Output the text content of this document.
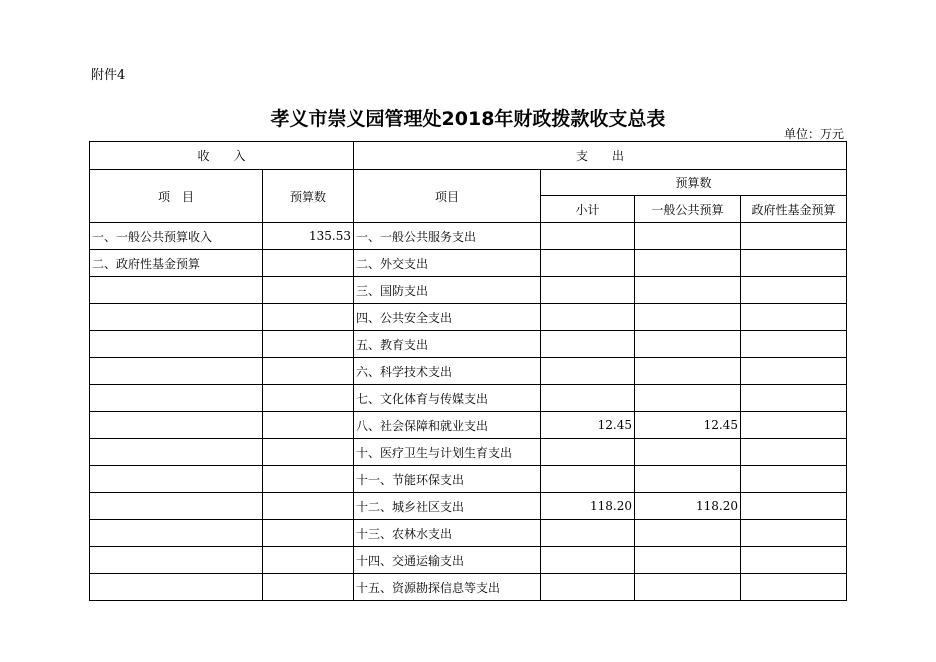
附件4
孝义市崇义园管理处2018年财政拨款收支总表
单位：万元
收　　入		支　　出			
项　目	预算数	项目	预算数		
			小计	一般公共预算	政府性基金预算
一、一般公共预算收入	135.53	一、一般公共服务支出			
二、政府性基金预算		二、外交支出			
		三、国防支出			
		四、公共安全支出			
		五、教育支出			
		六、科学技术支出			
		七、文化体育与传媒支出			
		八、社会保障和就业支出	12.45	12.45	
		十、医疗卫生与计划生育支出			
		十一、节能环保支出			
		十二、城乡社区支出	118.20	118.20	
		十三、农林水支出			
		十四、交通运输支出			
		十五、资源勘探信息等支出			
